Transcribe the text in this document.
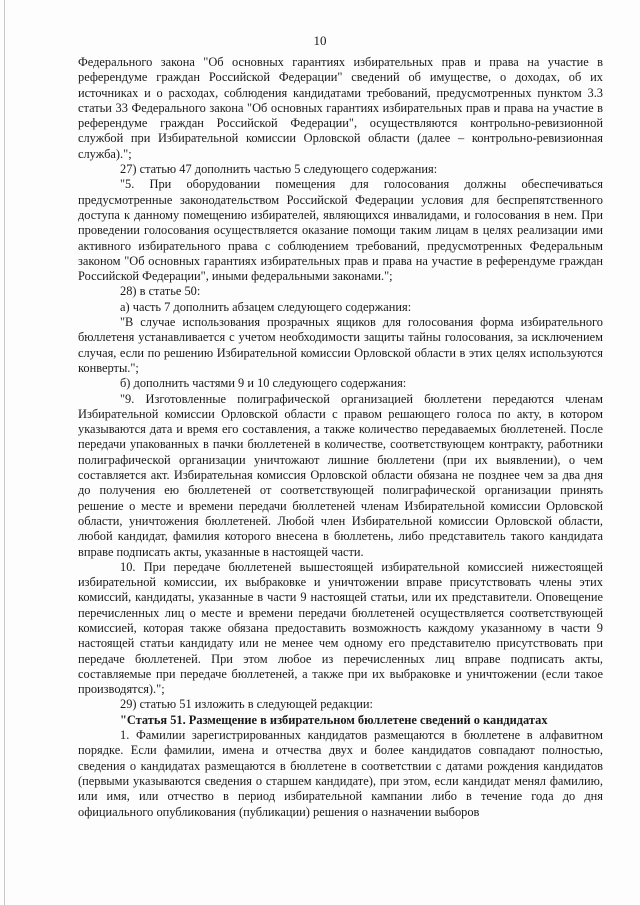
10

Федерального закона "Об основных гарантиях избирательных прав и права на участие в референдуме граждан Российской Федерации" сведений об имуществе, о доходах, об их источниках и о расходах, соблюдения кандидатами требований, предусмотренных пунктом 3.3 статьи 33 Федерального закона "Об основных гарантиях избирательных прав и права на участие в референдуме граждан Российской Федерации", осуществляются контрольно-ревизионной службой при Избирательной комиссии Орловской области (далее – контрольно-ревизионная служба).";

27) статью 47 дополнить частью 5 следующего содержания:

"5. При оборудовании помещения для голосования должны обеспечиваться предусмотренные законодательством Российской Федерации условия для беспрепятственного доступа к данному помещению избирателей, являющихся инвалидами, и голосования в нем. При проведении голосования осуществляется оказание помощи таким лицам в целях реализации ими активного избирательного права с соблюдением требований, предусмотренных Федеральным законом "Об основных гарантиях избирательных прав и права на участие в референдуме граждан Российской Федерации", иными федеральными законами.";

28) в статье 50:

а) часть 7 дополнить абзацем следующего содержания:

"В случае использования прозрачных ящиков для голосования форма избирательного бюллетеня устанавливается с учетом необходимости защиты тайны голосования, за исключением случая, если по решению Избирательной комиссии Орловской области в этих целях используются конверты.";

б) дополнить частями 9 и 10 следующего содержания:

"9. Изготовленные полиграфической организацией бюллетени передаются членам Избирательной комиссии Орловской области с правом решающего голоса по акту, в котором указываются дата и время его составления, а также количество передаваемых бюллетеней. После передачи упакованных в пачки бюллетеней в количестве, соответствующем контракту, работники полиграфической организации уничтожают лишние бюллетени (при их выявлении), о чем составляется акт. Избирательная комиссия Орловской области обязана не позднее чем за два дня до получения ею бюллетеней от соответствующей полиграфической организации принять решение о месте и времени передачи бюллетеней членам Избирательной комиссии Орловской области, уничтожения бюллетеней. Любой член Избирательной комиссии Орловской области, любой кандидат, фамилия которого внесена в бюллетень, либо представитель такого кандидата вправе подписать акты, указанные в настоящей части.

10. При передаче бюллетеней вышестоящей избирательной комиссией нижестоящей избирательной комиссии, их выбраковке и уничтожении вправе присутствовать члены этих комиссий, кандидаты, указанные в части 9 настоящей статьи, или их представители. Оповещение перечисленных лиц о месте и времени передачи бюллетеней осуществляется соответствующей комиссией, которая также обязана предоставить возможность каждому указанному в части 9 настоящей статьи кандидату или не менее чем одному его представителю присутствовать при передаче бюллетеней. При этом любое из перечисленных лиц вправе подписать акты, составляемые при передаче бюллетеней, а также при их выбраковке и уничтожении (если такое производятся).";

29) статью 51 изложить в следующей редакции:

"Статья 51. Размещение в избирательном бюллетене сведений о кандидатах

1. Фамилии зарегистрированных кандидатов размещаются в бюллетене в алфавитном порядке. Если фамилии, имена и отчества двух и более кандидатов совпадают полностью, сведения о кандидатах размещаются в бюллетене в соответствии с датами рождения кандидатов (первыми указываются сведения о старшем кандидате), при этом, если кандидат менял фамилию, или имя, или отчество в период избирательной кампании либо в течение года до дня официального опубликования (публикации) решения о назначении выборов
